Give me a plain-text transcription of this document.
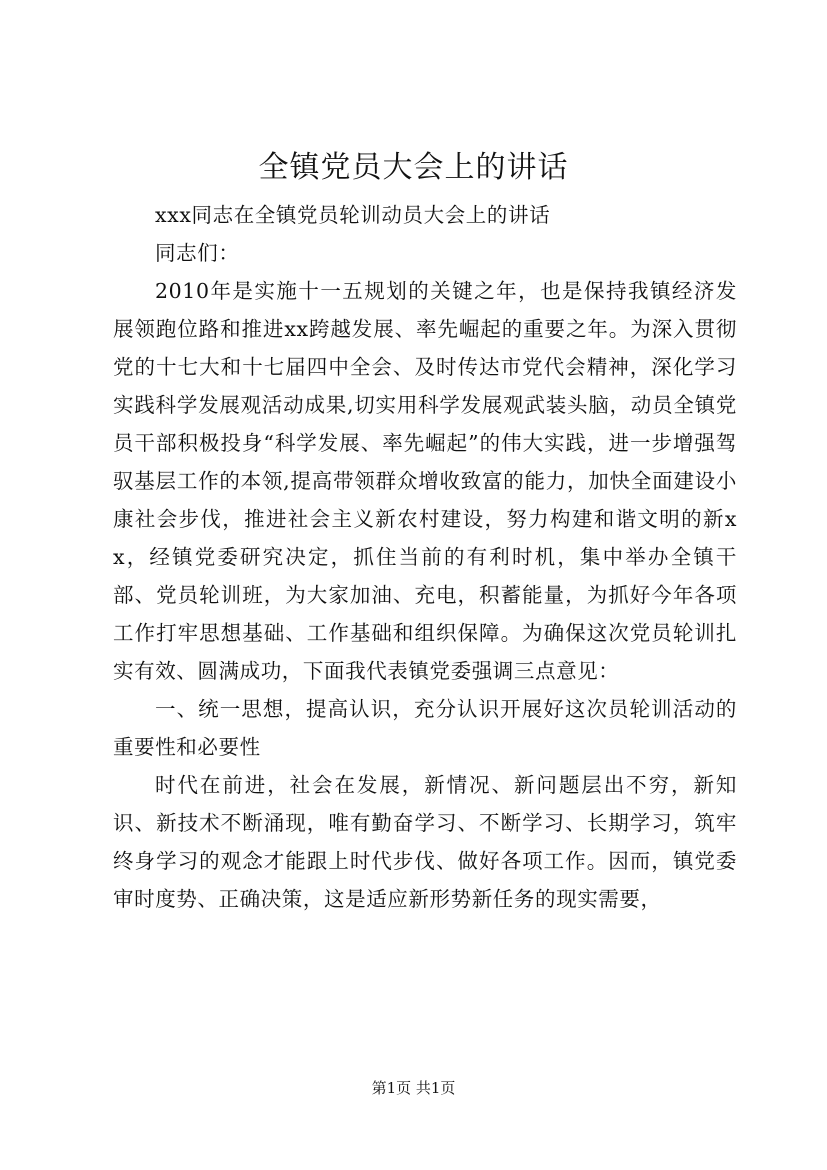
全镇党员大会上的讲话

xxx同志在全镇党员轮训动员大会上的讲话

同志们：

2010年是实施十一五规划的关键之年，也是保持我镇经济发展领跑位路和推进xx跨越发展、率先崛起的重要之年。为深入贯彻党的十七大和十七届四中全会、及时传达市党代会精神，深化学习实践科学发展观活动成果,切实用科学发展观武装头脑，动员全镇党员干部积极投身“科学发展、率先崛起”的伟大实践，进一步增强驾驭基层工作的本领,提高带领群众增收致富的能力，加快全面建设小康社会步伐，推进社会主义新农村建设，努力构建和谐文明的新xx，经镇党委研究决定，抓住当前的有利时机，集中举办全镇干部、党员轮训班，为大家加油、充电，积蓄能量，为抓好今年各项工作打牢思想基础、工作基础和组织保障。为确保这次党员轮训扎实有效、圆满成功，下面我代表镇党委强调三点意见：

一、统一思想，提高认识，充分认识开展好这次员轮训活动的重要性和必要性

时代在前进，社会在发展，新情况、新问题层出不穷，新知识、新技术不断涌现，唯有勤奋学习、不断学习、长期学习，筑牢终身学习的观念才能跟上时代步伐、做好各项工作。因而，镇党委审时度势、正确决策，这是适应新形势新任务的现实需要，

第1页 共1页
